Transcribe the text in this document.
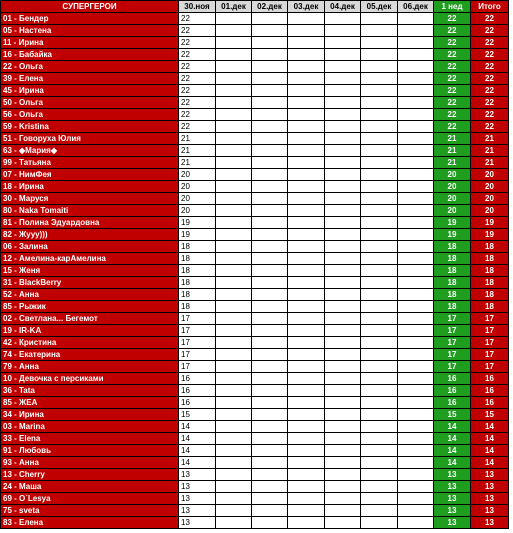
СУПЕРГЕРОИ	30.ноя	01.дек	02.дек	03.дек	04.дек	05.дек	06.дек	1 нед	Итого
01 - Бендер	22							22	22
05 - Настена	22							22	22
11 - Ирина	22							22	22
16 - Бабайка	22							22	22
22 - Ольга	22							22	22
39 - Елена	22							22	22
45 - Ирина	22							22	22
50 - Ольга	22							22	22
56 - Ольга	22							22	22
59 - Kristina	22							22	22
51 - Говоруха Юлия	21							21	21
63 - ◆Мария◆	21							21	21
99 - Татьяна	21							21	21
07 - НимФея	20							20	20
18 - Ирина	20							20	20
30 - Маруся	20							20	20
80 - Naka Tomaiti	20							20	20
81 - Полина Эдуардовна	19							19	19
82 - Жууу)))	19							19	19
06 - Залина	18							18	18
12 - Амелина-карАмелина	18							18	18
15 - Женя	18							18	18
31 - BlackBerry	18							18	18
52 - Анна	18							18	18
85 - Рыжик	18							18	18
02 - Светлана... Бегемот	17							17	17
19 - IR-KA	17							17	17
42 - Кристина	17							17	17
74 - Екатерина	17							17	17
79 - Анна	17							17	17
10 - Девочка с персиками	16							16	16
36 - Tata	16							16	16
85 - ЖЕА	16							16	16
34 - Ирина	15							15	15
03 - Marina	14							14	14
33 - Elena	14							14	14
91 - Любовь	14							14	14
93 - Анна	14							14	14
13 - Cherry	13							13	13
24 - Маша	13							13	13
69 - O`Lesya	13							13	13
75 - sveta	13							13	13
83 - Елена	13							13	13
